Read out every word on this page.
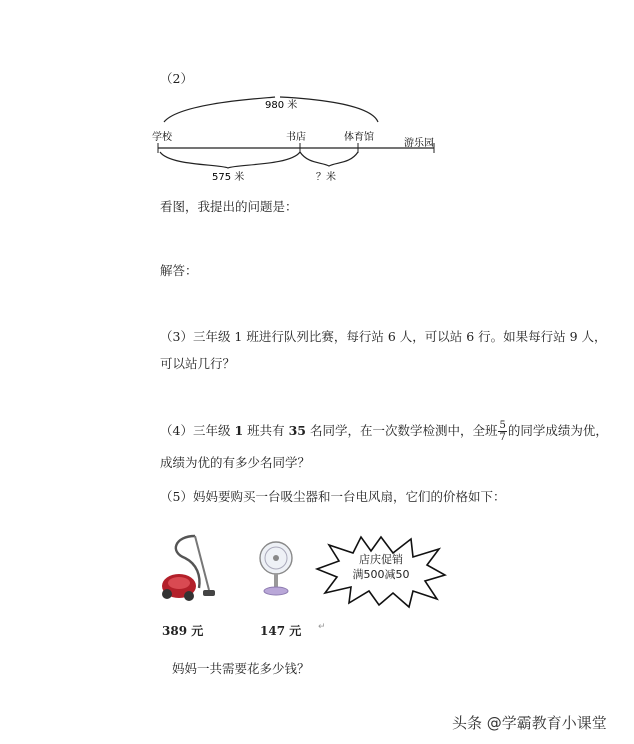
（2）
980 米
学校	书店	体育馆
游乐园
575 米	？米
看图，我提出的问题是：
解答：
（3）三年级 1 班进行队列比赛，每行站 6 人，可以站 6 行。如果每行站 9 人，
可以站几行？
（4）三年级 1 班共有 35 名同学，在一次数学检测中，全班 $\frac{5}{7}$ 的同学成绩为优，
成绩为优的有多少名同学？
（5）妈妈要购买一台吸尘器和一台电风扇，它们的价格如下：
店庆促销
满500减50
389 元	147 元 ↵
妈妈一共需要花多少钱？
头条 @学霸教育小课堂
